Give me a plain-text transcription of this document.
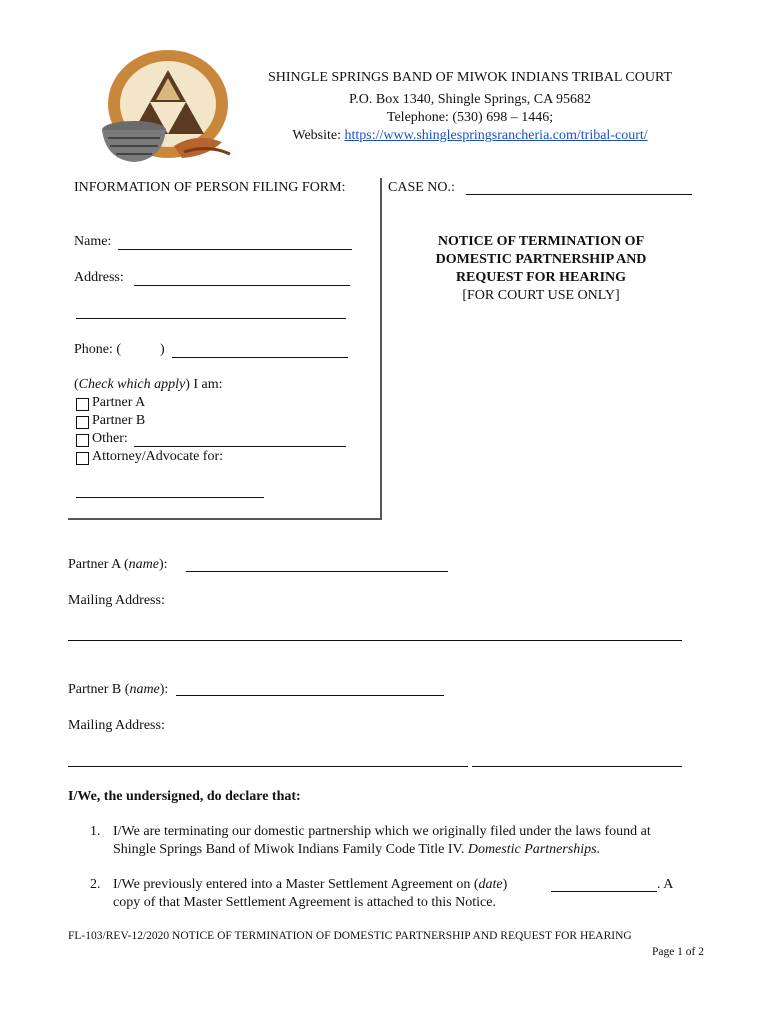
SHINGLE SPRINGS BAND OF MIWOK INDIANS TRIBAL COURT
P.O. Box 1340, Shingle Springs, CA 95682
Telephone: (530) 698 – 1446;
Website: https://www.shinglespringsrancheria.com/tribal-court/
INFORMATION OF PERSON FILING FORM:
Name:
Address:
Phone: (	)
(Check which apply) I am:
Partner A
Partner B
Other:
Attorney/Advocate for:
CASE NO.:
NOTICE OF TERMINATION OF
DOMESTIC PARTNERSHIP AND
REQUEST FOR HEARING
[FOR COURT USE ONLY]
Partner A (name):
Mailing Address:
Partner B (name):
Mailing Address:
I/We, the undersigned, do declare that:
1. I/We are terminating our domestic partnership which we originally filed under the laws found at
Shingle Springs Band of Miwok Indians Family Code Title IV. Domestic Partnerships.
2. I/We previously entered into a Master Settlement Agreement on (date)	. A
copy of that Master Settlement Agreement is attached to this Notice.
FL-103/REV-12/2020 NOTICE OF TERMINATION OF DOMESTIC PARTNERSHIP AND REQUEST FOR HEARING
Page 1 of 2
